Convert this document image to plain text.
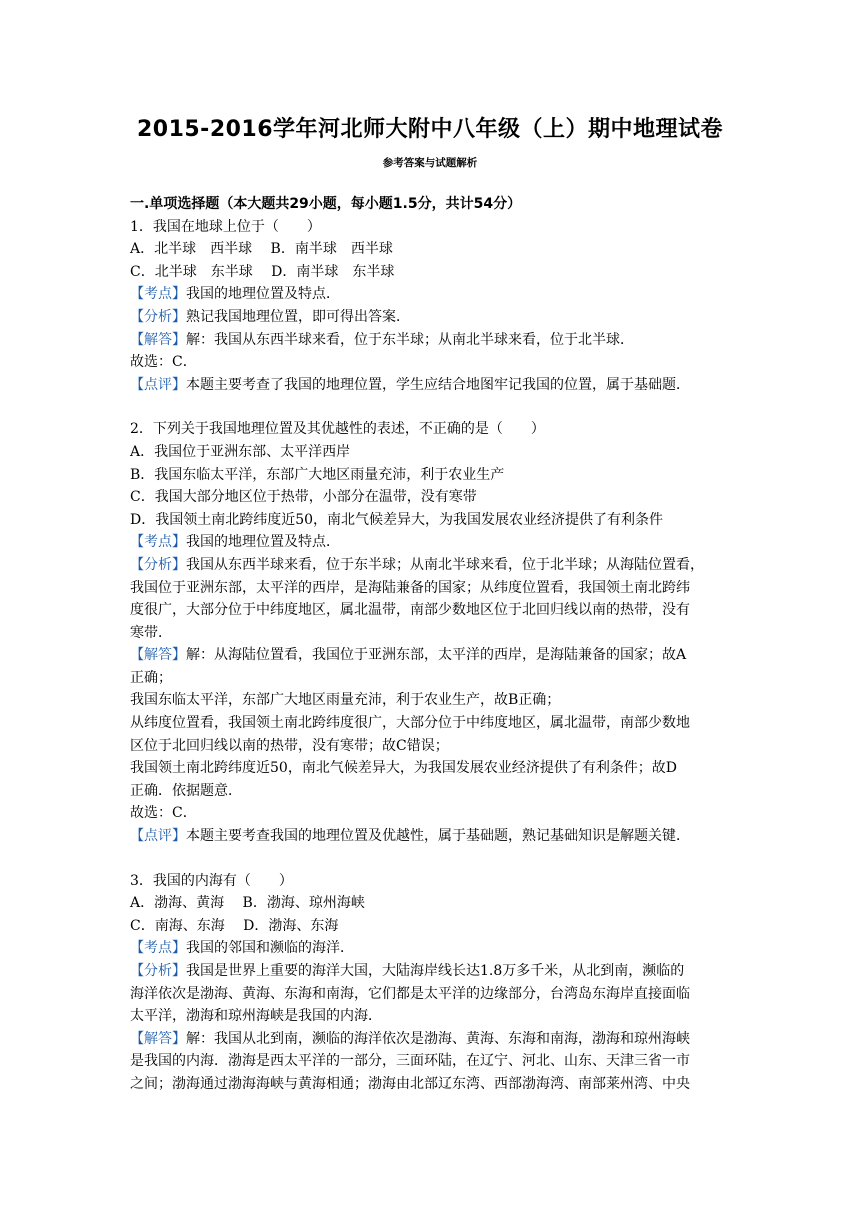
2015-2016学年河北师大附中八年级（上）期中地理试卷
参考答案与试题解析
一.单项选择题（本大题共29小题，每小题1.5分，共计54分）
1．我国在地球上位于（　　）
A．北半球　西半球　 B．南半球　西半球
C．北半球　东半球　 D．南半球　东半球
【考点】我国的地理位置及特点．
【分析】熟记我国地理位置，即可得出答案．
【解答】解：我国从东西半球来看，位于东半球；从南北半球来看，位于北半球．
故选：C．
【点评】本题主要考查了我国的地理位置，学生应结合地图牢记我国的位置，属于基础题．
2．下列关于我国地理位置及其优越性的表述，不正确的是（　　）
A．我国位于亚洲东部、太平洋西岸
B．我国东临太平洋，东部广大地区雨量充沛，利于农业生产
C．我国大部分地区位于热带，小部分在温带，没有寒带
D．我国领土南北跨纬度近50，南北气候差异大，为我国发展农业经济提供了有利条件
【考点】我国的地理位置及特点．
【分析】我国从东西半球来看，位于东半球；从南北半球来看，位于北半球；从海陆位置看，
我国位于亚洲东部，太平洋的西岸，是海陆兼备的国家；从纬度位置看，我国领土南北跨纬
度很广，大部分位于中纬度地区，属北温带，南部少数地区位于北回归线以南的热带，没有
寒带．
【解答】解：从海陆位置看，我国位于亚洲东部，太平洋的西岸，是海陆兼备的国家；故A
正确；
我国东临太平洋，东部广大地区雨量充沛，利于农业生产，故B正确；
从纬度位置看，我国领土南北跨纬度很广，大部分位于中纬度地区，属北温带，南部少数地
区位于北回归线以南的热带，没有寒带；故C错误；
我国领土南北跨纬度近50，南北气候差异大，为我国发展农业经济提供了有利条件；故D
正确．依据题意．
故选：C．
【点评】本题主要考查我国的地理位置及优越性，属于基础题，熟记基础知识是解题关键．
3．我国的内海有（　　）
A．渤海、黄海　 B．渤海、琼州海峡
C．南海、东海　 D．渤海、东海
【考点】我国的邻国和濒临的海洋．
【分析】我国是世界上重要的海洋大国，大陆海岸线长达1.8万多千米，从北到南，濒临的
海洋依次是渤海、黄海、东海和南海，它们都是太平洋的边缘部分，台湾岛东海岸直接面临
太平洋，渤海和琼州海峡是我国的内海．
【解答】解：我国从北到南，濒临的海洋依次是渤海、黄海、东海和南海，渤海和琼州海峡
是我国的内海．渤海是西太平洋的一部分，三面环陆，在辽宁、河北、山东、天津三省一市
之间；渤海通过渤海海峡与黄海相通；渤海由北部辽东湾、西部渤海湾、南部莱州湾、中央
